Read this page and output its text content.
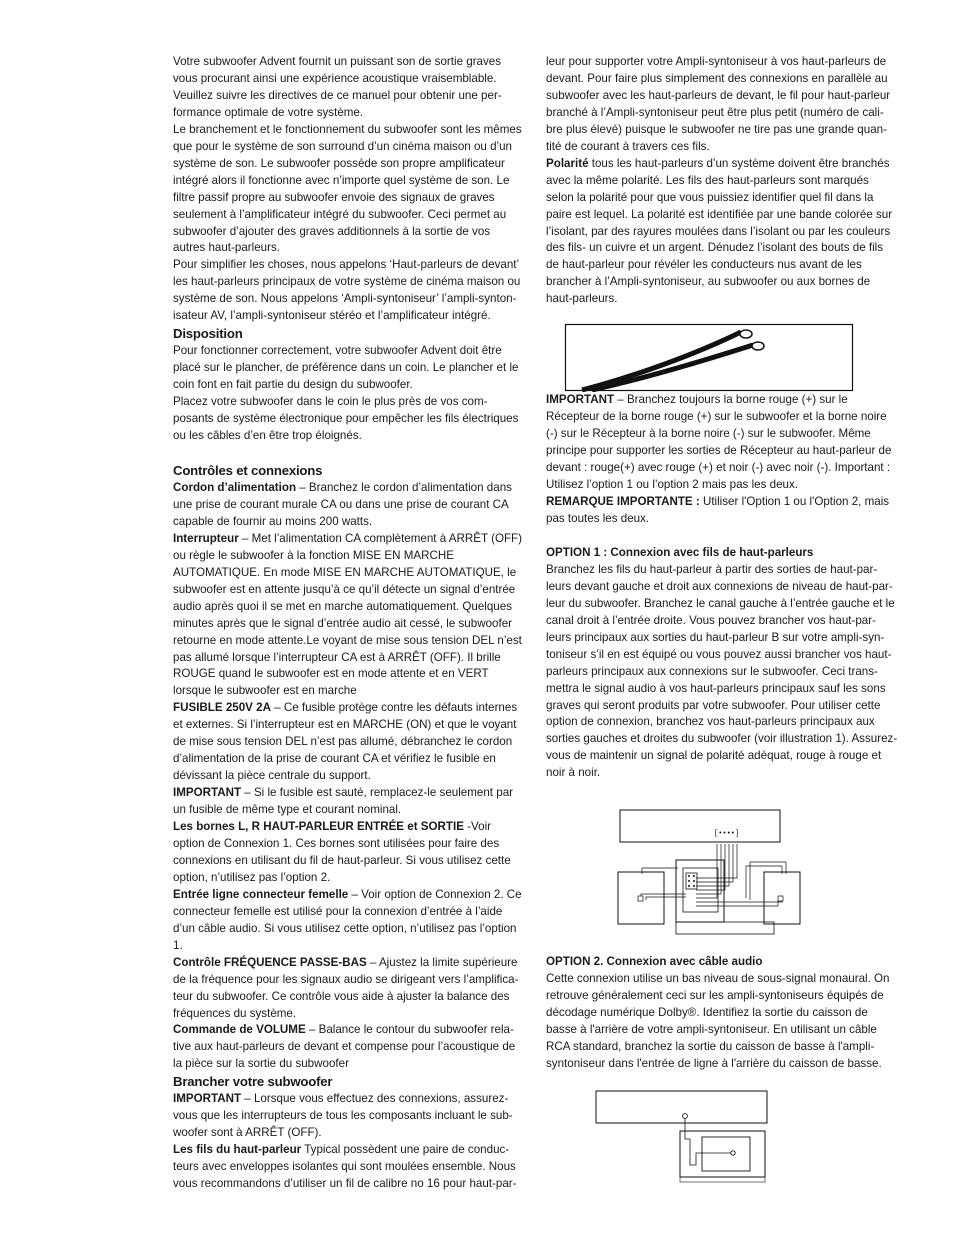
Votre subwoofer Advent fournit un puissant son de sortie graves vous procurant ainsi une expérience acoustique vraisemblable. Veuillez suivre les directives de ce manuel pour obtenir une per- formance optimale de votre système.

Le branchement et le fonctionnement du subwoofer sont les mêmes que pour le système de son surround d’un cinéma maison ou d’un système de son. Le subwoofer possède son propre amplificateur intégré alors il fonctionne avec n’importe quel système de son. Le filtre passif propre au subwoofer envoie des signaux de graves seulement à l’amplificateur intégré du subwoofer. Ceci permet au subwoofer d’ajouter des graves additionnels à la sortie de vos autres haut-parleurs.

Pour simplifier les choses, nous appelons ‘Haut-parleurs de devant’ les haut-parleurs principaux de votre système de cinéma maison ou système de son. Nous appelons ‘Ampli-syntoniseur’ l’ampli-synton- isateur AV, l’ampli-syntoniseur stéréo et l’amplificateur intégré.

Disposition

Pour fonctionner correctement, votre subwoofer Advent doit être placé sur le plancher, de préférence dans un coin. Le plancher et le coin font en fait partie du design du subwoofer.

Placez votre subwoofer dans le coin le plus près de vos com- posants de système électronique pour empêcher les fils électriques ou les câbles d’en être trop éloignés.

Contrôles et connexions

Cordon d’alimentation – Branchez le cordon d’alimentation dans une prise de courant murale CA ou dans une prise de courant CA capable de fournir au moins 200 watts.

Interrupteur – Met l’alimentation CA complètement à ARRÊT (OFF) ou règle le subwoofer à la fonction MISE EN MARCHE AUTOMATIQUE. En mode MISE EN MARCHE AUTOMATIQUE, le subwoofer est en attente jusqu’à ce qu’il détecte un signal d’entrée audio après quoi il se met en marche automatiquement. Quelques minutes après que le signal d’entrée audio ait cessé, le subwoofer retourne en mode attente.Le voyant de mise sous tension DEL n’est pas allumé lorsque l’interrupteur CA est à ARRÊT (OFF). Il brille ROUGE quand le subwoofer est en mode attente et en VERT lorsque le subwoofer est en marche

FUSIBLE 250V 2A – Ce fusible protège contre les défauts internes et externes. Si l’interrupteur est en MARCHE (ON) et que le voyant de mise sous tension DEL n’est pas allumé, débranchez le cordon d’alimentation de la prise de courant CA et vérifiez le fusible en dévissant la pièce centrale du support.

IMPORTANT – Si le fusible est sauté, remplacez-le seulement par un fusible de même type et courant nominal.

Les bornes L, R HAUT-PARLEUR ENTRÉE et SORTIE -Voir option de Connexion 1. Ces bornes sont utilisées pour faire des connexions en utilisant du fil de haut-parleur. Si vous utilisez cette option, n’utilisez pas l’option 2.

Entrée ligne connecteur femelle – Voir option de Connexion 2. Ce connecteur femelle est utilisé pour la connexion d’entrée à l’aide d’un câble audio. Si vous utilisez cette option, n’utilisez pas l’option 1.

Contrôle FRÉQUENCE PASSE-BAS – Ajustez la limite supérieure de la fréquence pour les signaux audio se dirigeant vers l’amplifica- teur du subwoofer. Ce contrôle vous aide à ajuster la balance des fréquences du système.

Commande de VOLUME – Balance le contour du subwoofer rela- tive aux haut-parleurs de devant et compense pour l’acoustique de la pièce sur la sortie du subwoofer

Brancher votre subwoofer

IMPORTANT – Lorsque vous effectuez des connexions, assurez- vous que les interrupteurs de tous les composants incluant le sub- woofer sont à ARRÊT (OFF).

Les fils du haut-parleur Typical possèdent une paire de conduc- teurs avec enveloppes isolantes qui sont moulées ensemble. Nous vous recommandons d’utiliser un fil de calibre no 16 pour haut-par-

leur pour supporter votre Ampli-syntoniseur à vos haut-parleurs de devant. Pour faire plus simplement des connexions en parallèle au subwoofer avec les haut-parleurs de devant, le fil pour haut-parleur branché à l’Ampli-syntoniseur peut être plus petit (numéro de cali- bre plus élevé) puisque le subwoofer ne tire pas une grande quan- tité de courant à travers ces fils.

Polarité tous les haut-parleurs d’un système doivent être branchés avec la même polarité. Les fils des haut-parleurs sont marqués selon la polarité pour que vous puissiez identifier quel fil dans la paire est lequel. La polarité est identifiée par une bande colorée sur l’isolant, par des rayures moulées dans l’isolant ou par les couleurs des fils- un cuivre et un argent. Dénudez l’isolant des bouts de fils de haut-parleur pour révéler les conducteurs nus avant de les brancher à l’Ampli-syntoniseur, au subwoofer ou aux bornes de haut-parleurs.

IMPORTANT – Branchez toujours la borne rouge (+) sur le Récepteur de la borne rouge (+) sur le subwoofer et la borne noire (-) sur le Récepteur à la borne noire (-) sur le subwoofer. Même principe pour supporter les sorties de Récepteur au haut-parleur de devant : rouge(+) avec rouge (+) et noir (-) avec noir (-). Important : Utilisez l’option 1 ou l’option 2 mais pas les deux.

REMARQUE IMPORTANTE : Utiliser l'Option 1 ou l'Option 2, mais pas toutes les deux.

OPTION 1 : Connexion avec fils de haut-parleurs

Branchez les fils du haut-parleur à partir des sorties de haut-par- leurs devant gauche et droit aux connexions de niveau de haut-par- leur du subwoofer. Branchez le canal gauche à l’entrée gauche et le canal droit à l’entrée droite. Vous pouvez brancher vos haut-par- leurs principaux aux sorties du haut-parleur B sur votre ampli-syn- toniseur s’il en est équipé ou vous pouvez aussi brancher vos haut- parleurs principaux aux connexions sur le subwoofer. Ceci trans- mettra le signal audio à vos haut-parleurs principaux sauf les sons graves qui seront produits par votre subwoofer. Pour utiliser cette option de connexion, branchez vos haut-parleurs principaux aux sorties gauches et droites du subwoofer (voir illustration 1). Assurez-vous de maintenir un signal de polarité adéquat, rouge à rouge et noir à noir.

[••••]

OPTION 2. Connexion avec câble audio

Cette connexion utilise un bas niveau de sous-signal monaural. On retrouve généralement ceci sur les ampli-syntoniseurs équipés de décodage numérique Dolby®. Identifiez la sortie du caisson de basse à l'arrière de votre ampli-syntoniseur. En utilisant un câble RCA standard, branchez la sortie du caisson de basse à l'ampli- syntoniseur dans l'entrée de ligne à l'arrière du caisson de basse.
